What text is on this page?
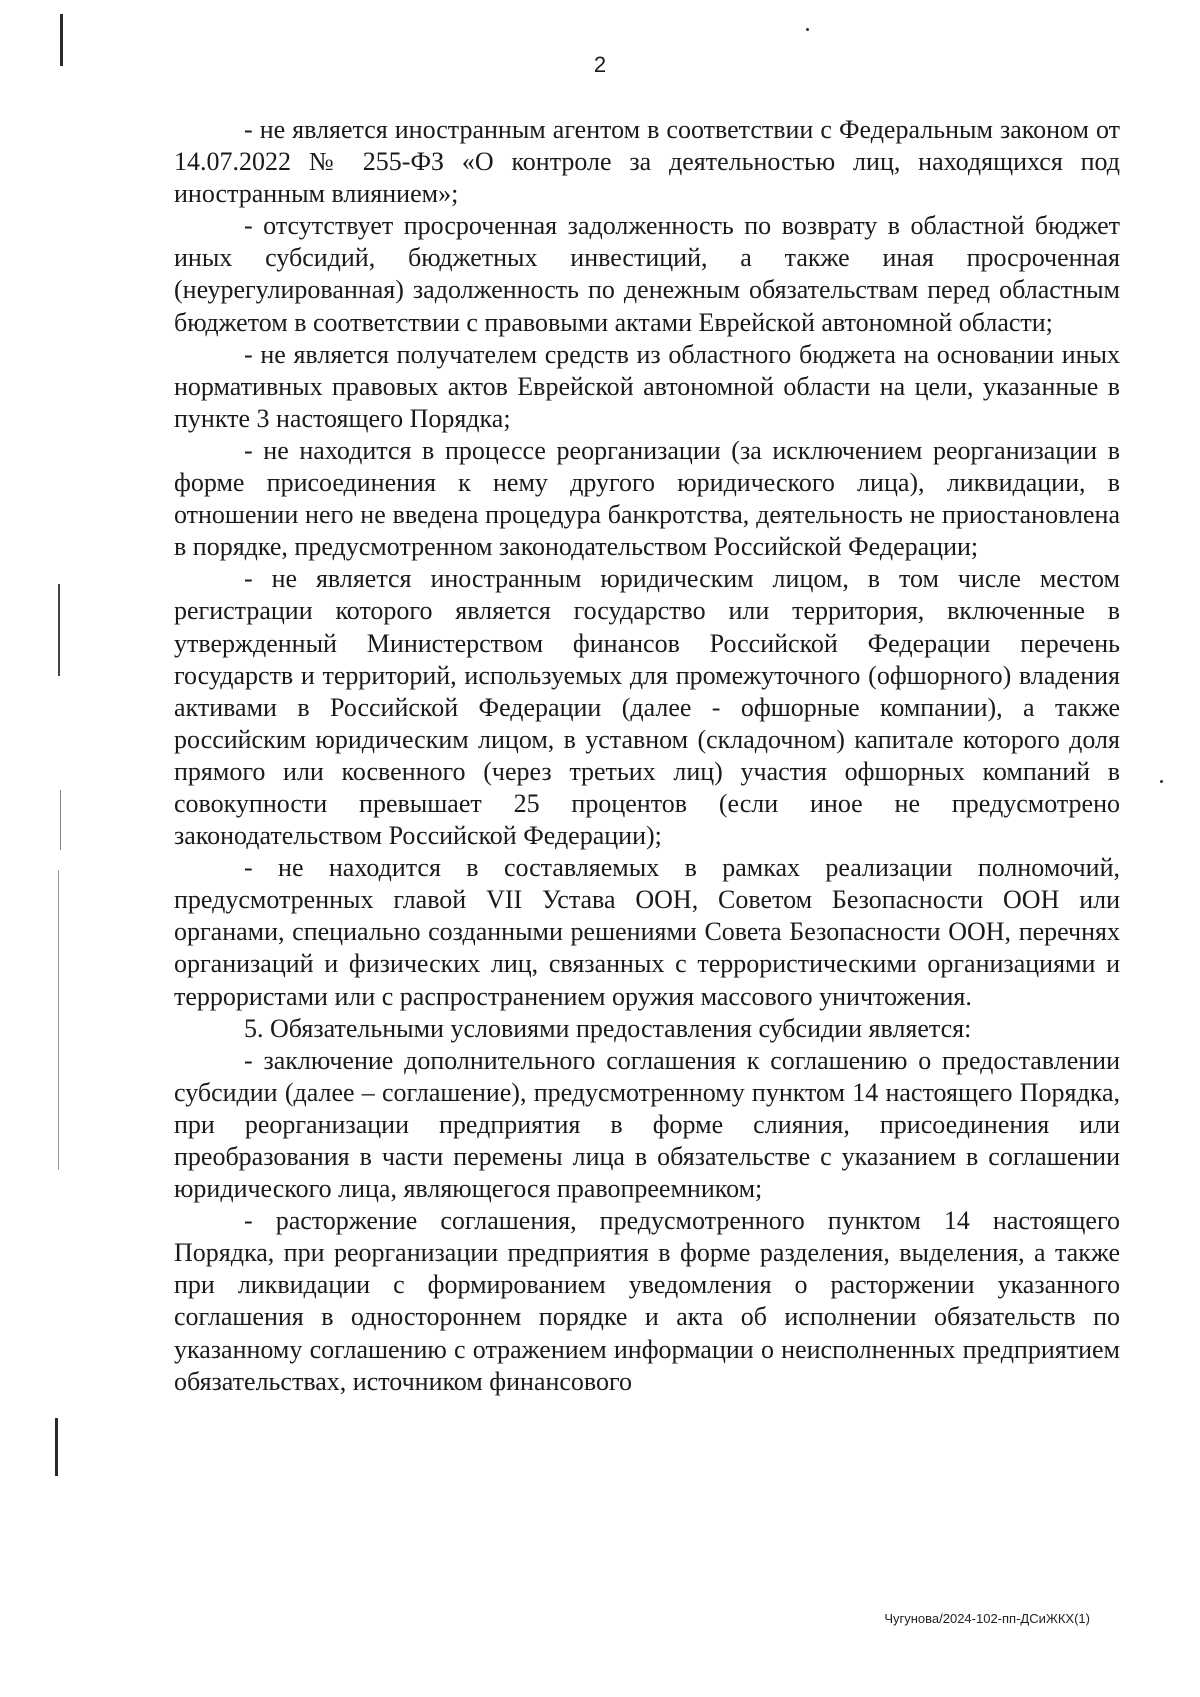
2

- не является иностранным агентом в соответствии с Федеральным законом от 14.07.2022 № 255-ФЗ «О контроле за деятельностью лиц, находящихся под иностранным влиянием»;

- отсутствует просроченная задолженность по возврату в областной бюджет иных субсидий, бюджетных инвестиций, а также иная просроченная (неурегулированная) задолженность по денежным обязательствам перед областным бюджетом в соответствии с правовыми актами Еврейской автономной области;

- не является получателем средств из областного бюджета на основании иных нормативных правовых актов Еврейской автономной области на цели, указанные в пункте 3 настоящего Порядка;

- не находится в процессе реорганизации (за исключением реорганизации в форме присоединения к нему другого юридического лица), ликвидации, в отношении него не введена процедура банкротства, деятельность не приостановлена в порядке, предусмотренном законодательством Российской Федерации;

- не является иностранным юридическим лицом, в том числе местом регистрации которого является государство или территория, включенные в утвержденный Министерством финансов Российской Федерации перечень государств и территорий, используемых для промежуточного (офшорного) владения активами в Российской Федерации (далее - офшорные компании), а также российским юридическим лицом, в уставном (складочном) капитале которого доля прямого или косвенного (через третьих лиц) участия офшорных компаний в совокупности превышает 25 процентов (если иное не предусмотрено законодательством Российской Федерации);

- не находится в составляемых в рамках реализации полномочий, предусмотренных главой VII Устава ООН, Советом Безопасности ООН или органами, специально созданными решениями Совета Безопасности ООН, перечнях организаций и физических лиц, связанных с террористическими организациями и террористами или с распространением оружия массового уничтожения.

5. Обязательными условиями предоставления субсидии является:

- заключение дополнительного соглашения к соглашению о предоставлении субсидии (далее – соглашение), предусмотренному пунктом 14 настоящего Порядка, при реорганизации предприятия в форме слияния, присоединения или преобразования в части перемены лица в обязательстве с указанием в соглашении юридического лица, являющегося правопреемником;

- расторжение соглашения, предусмотренного пунктом 14 настоящего Порядка, при реорганизации предприятия в форме разделения, выделения, а также при ликвидации с формированием уведомления о расторжении указанного соглашения в одностороннем порядке и акта об исполнении обязательств по указанному соглашению с отражением информации о неисполненных предприятием обязательствах, источником финансового

Чугунова/2024-102-пп-ДСиЖКХ(1)
